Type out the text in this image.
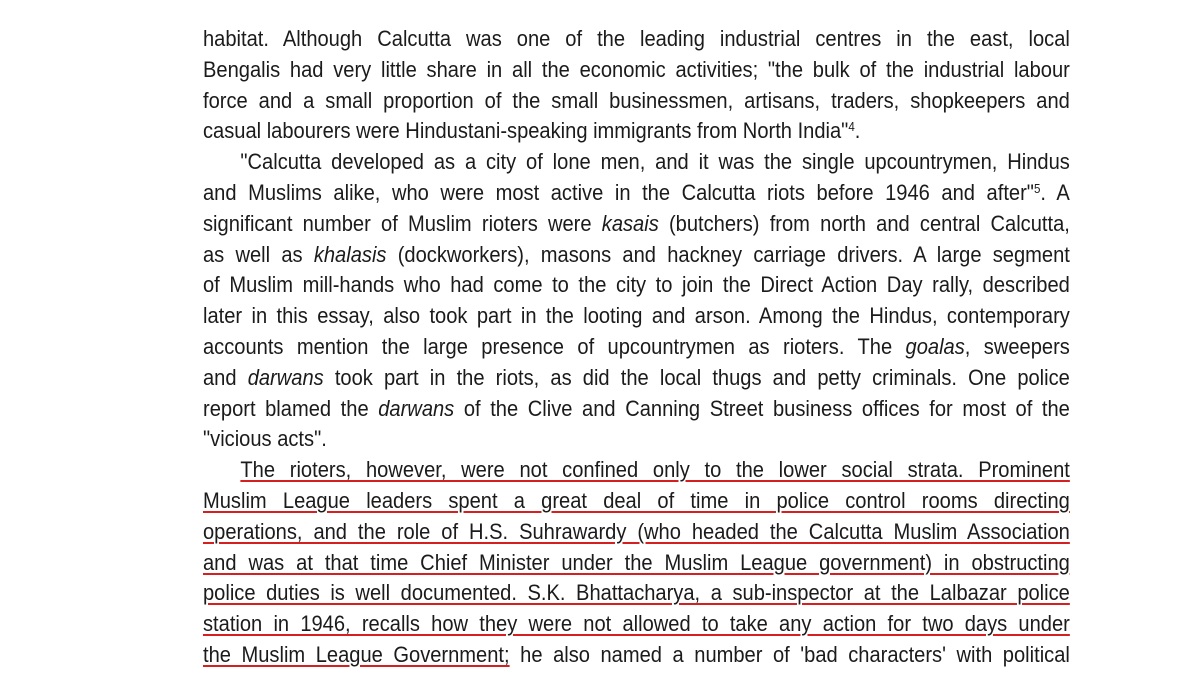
habitat. Although Calcutta was one of the leading industrial centres in the east, local
Bengalis had very little share in all the economic activities; "the bulk of the industrial labour
force and a small proportion of the small businessmen, artisans, traders, shopkeepers and
casual labourers were Hindustani-speaking immigrants from North India"$^4$.
"Calcutta developed as a city of lone men, and it was the single upcountrymen, Hindus
and Muslims alike, who were most active in the Calcutta riots before 1946 and after"$^5$. A
significant number of Muslim rioters were kasais (butchers) from north and central Calcutta,
as well as khalasis (dockworkers), masons and hackney carriage drivers. A large segment
of Muslim mill-hands who had come to the city to join the Direct Action Day rally, described
later in this essay, also took part in the looting and arson. Among the Hindus, contemporary
accounts mention the large presence of upcountrymen as rioters. The goalas, sweepers
and darwans took part in the riots, as did the local thugs and petty criminals. One police
report blamed the darwans of the Clive and Canning Street business offices for most of the
"vicious acts".
The rioters, however, were not confined only to the lower social strata. Prominent
Muslim League leaders spent a great deal of time in police control rooms directing
operations, and the role of H.S. Suhrawardy (who headed the Calcutta Muslim Association
and was at that time Chief Minister under the Muslim League government) in obstructing
police duties is well documented. S.K. Bhattacharya, a sub-inspector at the Lalbazar police
station in 1946, recalls how they were not allowed to take any action for two days under
the Muslim League Government; he also named a number of 'bad characters' with political
